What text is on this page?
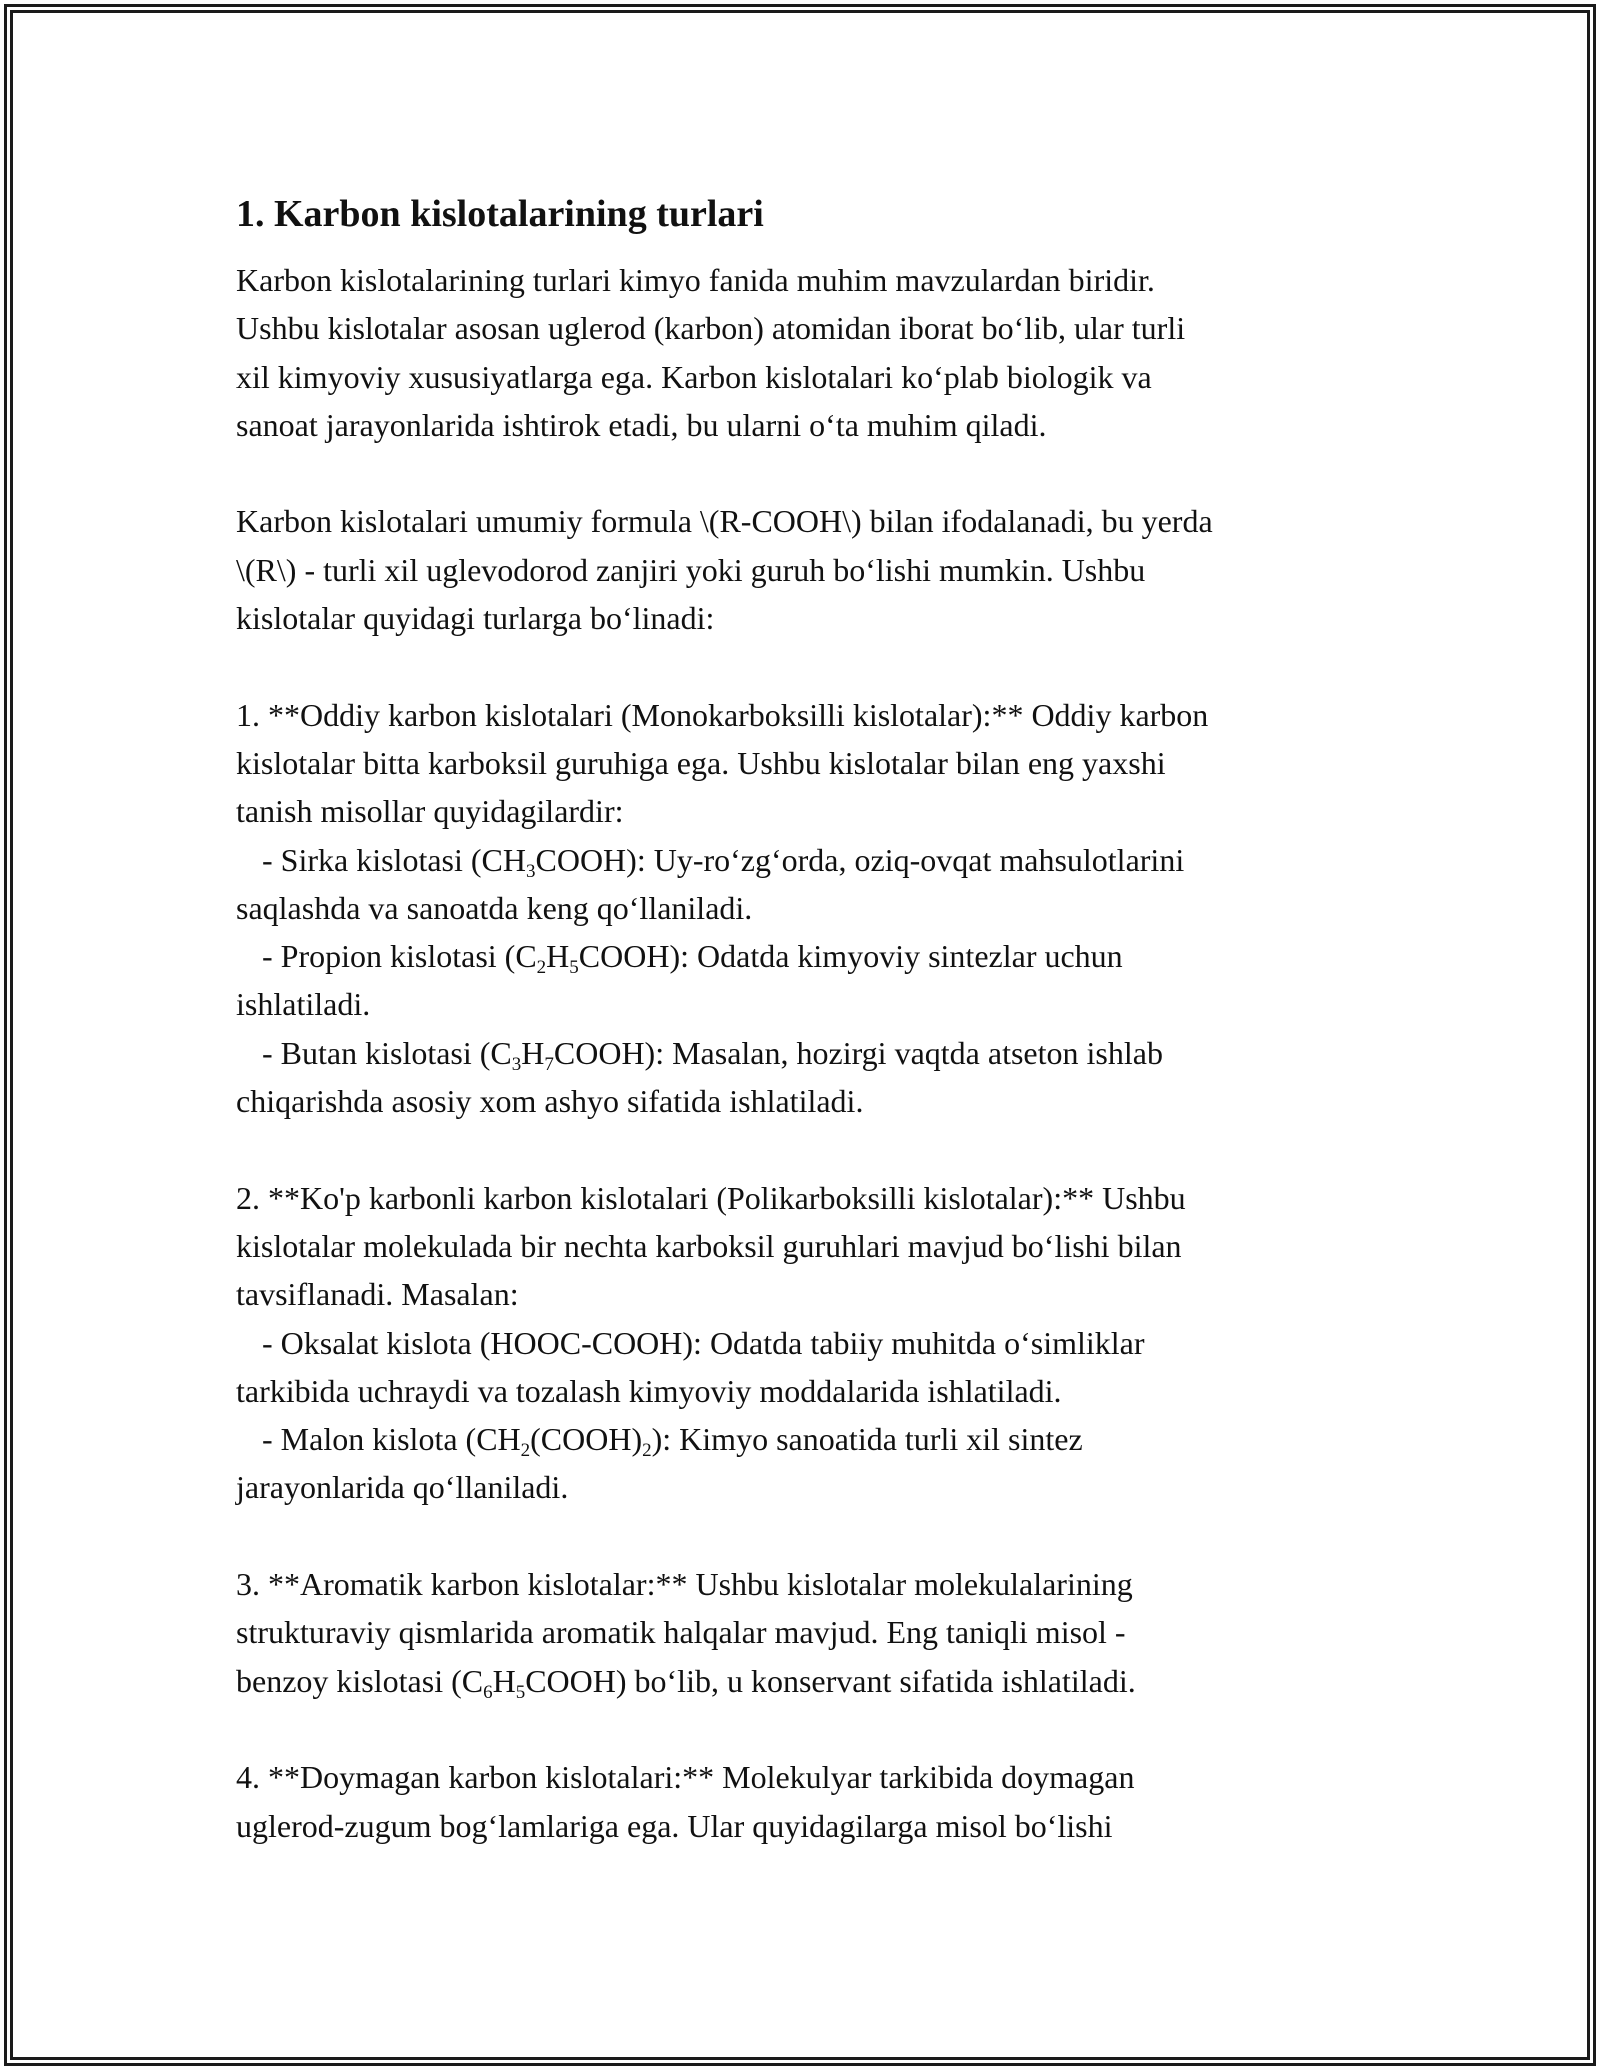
1. Karbon kislotalarining turlari

Karbon kislotalarining turlari kimyo fanida muhim mavzulardan biridir.
Ushbu kislotalar asosan uglerod (karbon) atomidan iborat bo‘lib, ular turli
xil kimyoviy xususiyatlarga ega. Karbon kislotalari ko‘plab biologik va
sanoat jarayonlarida ishtirok etadi, bu ularni o‘ta muhim qiladi.

Karbon kislotalari umumiy formula \(R-COOH\) bilan ifodalanadi, bu yerda
\(R\) - turli xil uglevodorod zanjiri yoki guruh bo‘lishi mumkin. Ushbu
kislotalar quyidagi turlarga bo‘linadi:

1. **Oddiy karbon kislotalari (Monokarboksilli kislotalar):** Oddiy karbon
kislotalar bitta karboksil guruhiga ega. Ushbu kislotalar bilan eng yaxshi
tanish misollar quyidagilardir:
- Sirka kislotasi $(CH_3COOH)$: Uy-ro‘zg‘orda, oziq-ovqat mahsulotlarini
saqlashda va sanoatda keng qo‘llaniladi.
- Propion kislotasi $(C_2H_5COOH)$: Odatda kimyoviy sintezlar uchun
ishlatiladi.
- Butan kislotasi $(C_3H_7COOH)$: Masalan, hozirgi vaqtda atseton ishlab
chiqarishda asosiy xom ashyo sifatida ishlatiladi.

2. **Ko'p karbonli karbon kislotalari (Polikarboksilli kislotalar):** Ushbu
kislotalar molekulada bir nechta karboksil guruhlari mavjud bo‘lishi bilan
tavsiflanadi. Masalan:
- Oksalat kislota (HOOC-COOH): Odatda tabiiy muhitda o‘simliklar
tarkibida uchraydi va tozalash kimyoviy moddalarida ishlatiladi.
- Malon kislota $(CH_2(COOH)_2)$: Kimyo sanoatida turli xil sintez
jarayonlarida qo‘llaniladi.

3. **Aromatik karbon kislotalar:** Ushbu kislotalar molekulalarining
strukturaviy qismlarida aromatik halqalar mavjud. Eng taniqli misol -
benzoy kislotasi $(C_6H_5COOH)$ bo‘lib, u konservant sifatida ishlatiladi.

4. **Doymagan karbon kislotalari:** Molekulyar tarkibida doymagan
uglerod-zugum bog‘lamlariga ega. Ular quyidagilarga misol bo‘lishi
